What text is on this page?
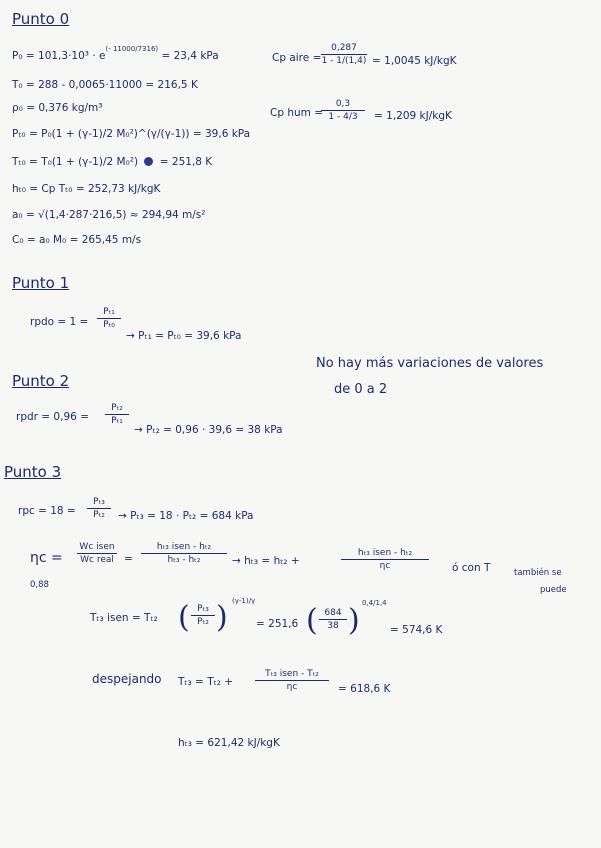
Punto 0
$P_0 = 101,3\cdot 10^3 \cdot e^{(- 11000/7316)} = 23,4$ kPa
T₀ = 288 - 0,0065·11000 = 216,5 K
ρ₀ = 0,376 kg/m³
Pₜ₀ = P₀(1 + (γ-1)/2 M₀²)^(γ/(γ-1)) = 39,6 kPa
Tₜ₀ = T₀(1 + (γ-1)/2 M₀²) = 251,8 K
hₜ₀ = Cp Tₜ₀ = 252,73 kJ/kgK
a₀ = √(1,4·287·216,5) ≈ 294,94 m/s²
C₀ = a₀ M₀ = 265,45 m/s
Cp aire =
0,287
1 - 1/(1,4) = 1,0045 kJ/kgK
Cp hum =
0,3
1 - 4/3	= 1,209 kJ/kgK
Punto 1
rpdo = 1 =
Pₜ₁
Pₜ₀
→ Pₜ₁ = Pₜ₀ = 39,6 kPa
No hay más variaciones de valores
de 0 a 2
Punto 2
rpdr = 0,96 =
Pₜ₂
Pₜ₁
→ Pₜ₂ = 0,96 · 39,6 = 38 kPa
Punto 3
rpc = 18 =
Pₜ₃
Pₜ₂	→ Pₜ₃ = 18 · Pₜ₂ = 684 kPa
ηc =
0,88
Wc isen
Wc real =
hₜ₃ isen - hₜ₂
hₜ₃ - hₜ₂	→ hₜ₃ = hₜ₂ +
hₜ₃ isen - hₜ₂
ηc	ó con T	también se
puede
Tₜ₃ isen = Tₜ₂ ( Pₜ₃
Pₜ₂ ) (γ-1)/γ
= 251,6 ( 684
38 ) 0,4/1,4
= 574,6 K
despejando Tₜ₃ = Tₜ₂ +
Tₜ₃ isen - Tₜ₂
ηc	= 618,6 K
hₜ₃ = 621,42 kJ/kgK
